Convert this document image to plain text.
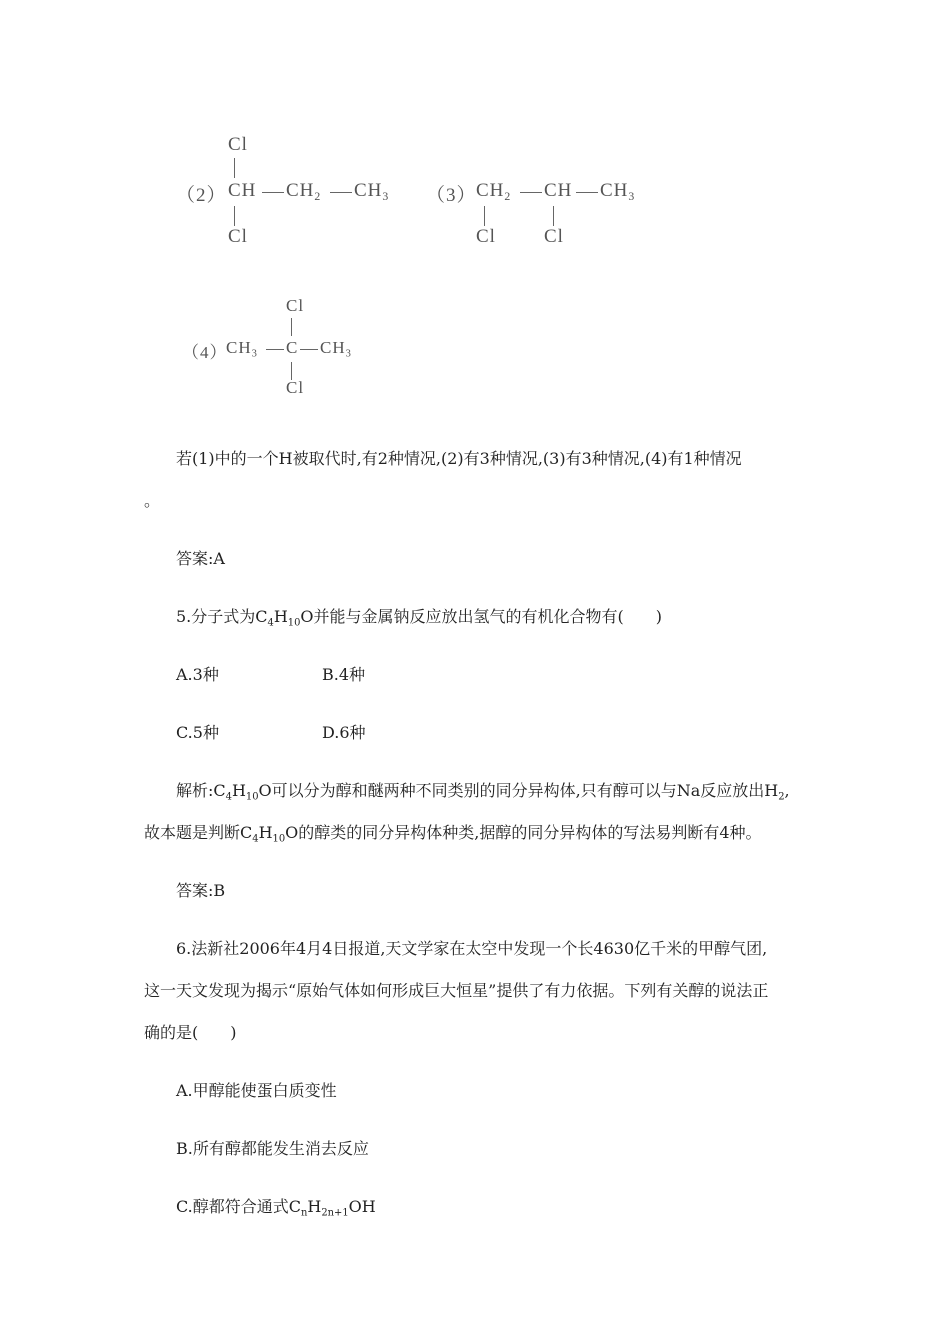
（2）
Cl
CH $CH_2$ $CH_3$
Cl
（3） $CH_2$ CH $CH_3$
Cl	Cl
（4）
Cl
$CH_3$ C $CH_3$
Cl
若(1)中的一个H被取代时,有2种情况,(2)有3种情况,(3)有3种情况,(4)有1种情况
。
答案:A
5.分子式为$C_4H_{10}O$并能与金属钠反应放出氢气的有机化合物有(　　)
A.3种	B.4种
C.5种	D.6种
解析$:C_4H_{10}O$可以分为醇和醚两种不同类别的同分异构体,只有醇可以与Na反应放出$H_2$,
故本题是判断$C_4H_{10}O$的醇类的同分异构体种类,据醇的同分异构体的写法易判断有4种。
答案:B
6.法新社2006年4月4日报道,天文学家在太空中发现一个长4630亿千米的甲醇气团,
这一天文发现为揭示“原始气体如何形成巨大恒星”提供了有力依据。下列有关醇的说法正
确的是(　　)
A.甲醇能使蛋白质变性
B.所有醇都能发生消去反应
C.醇都符合通式$C_nH_{2n+1}OH$
